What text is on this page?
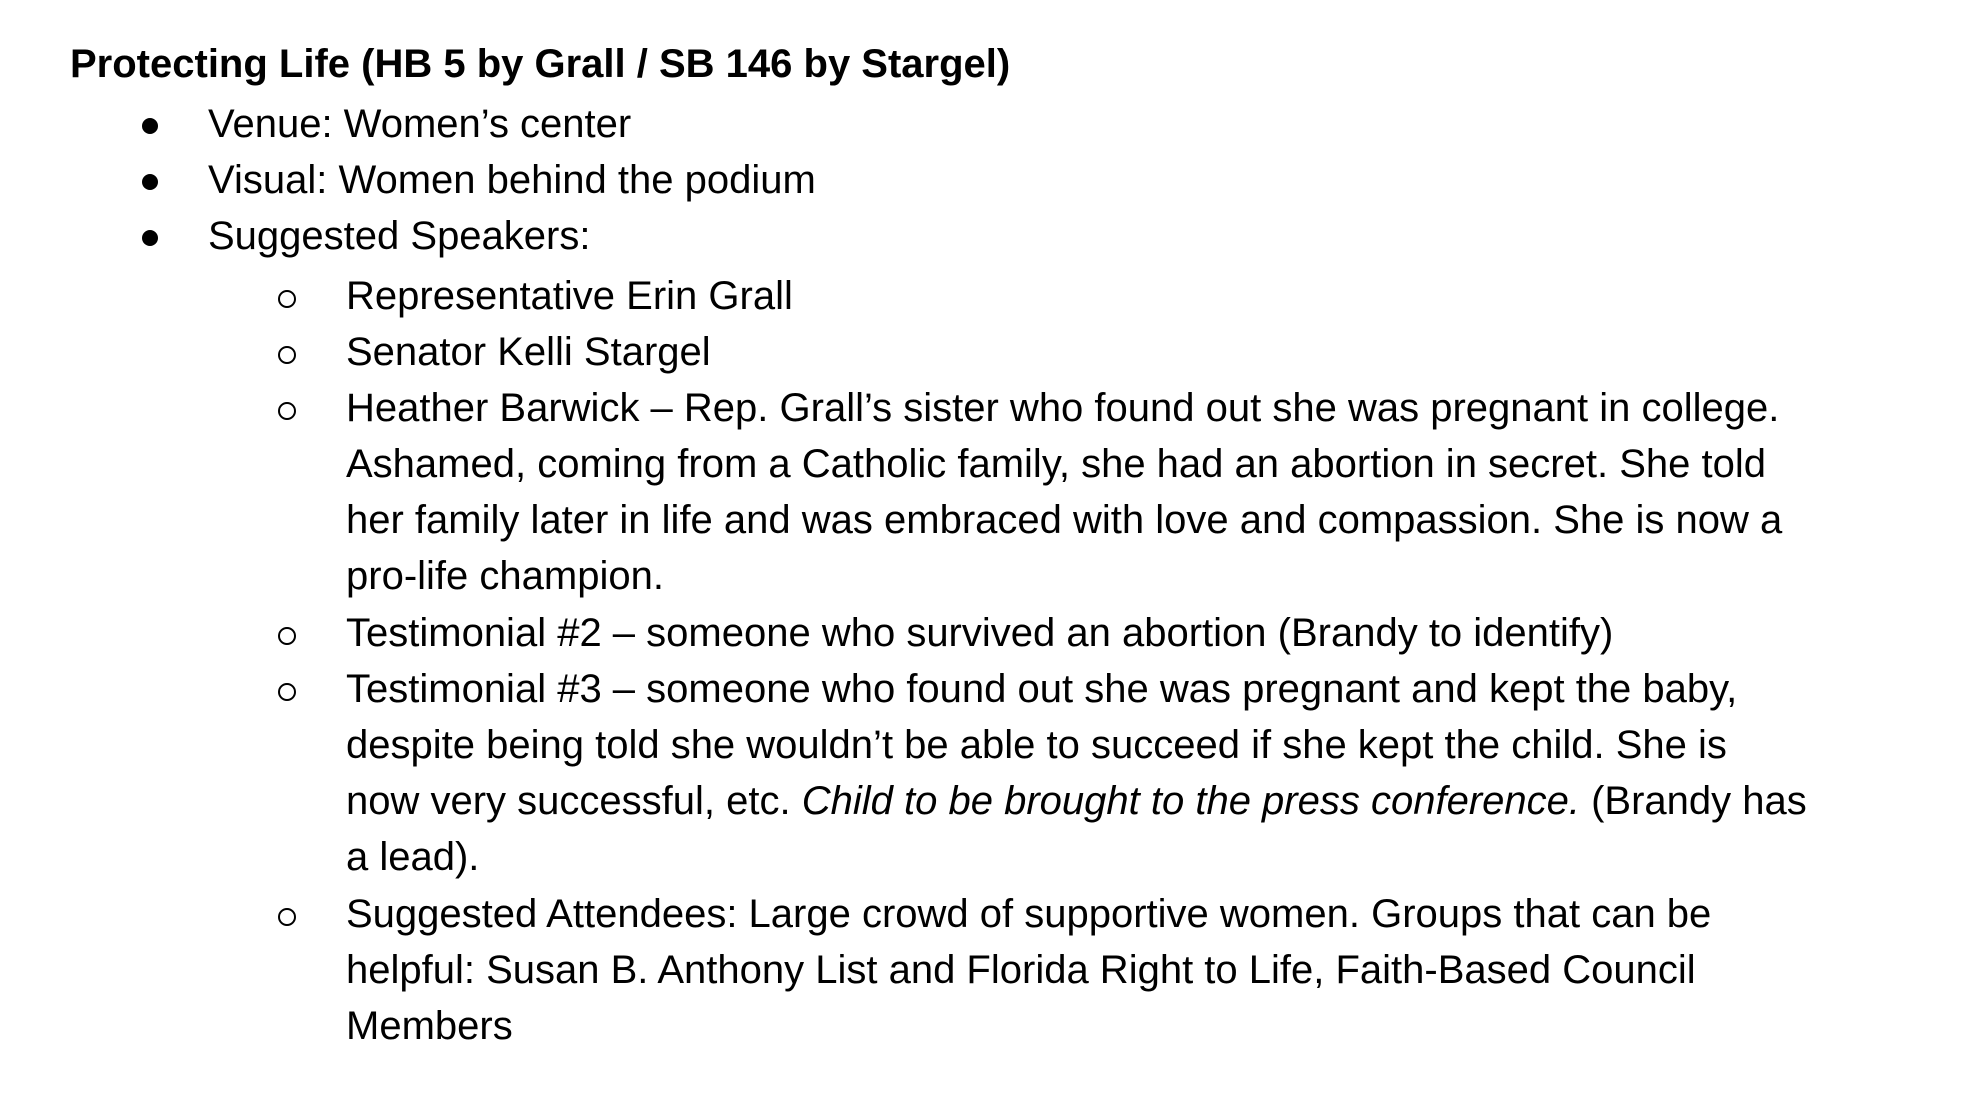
Protecting Life (HB 5 by Grall / SB 146 by Stargel)
Venue: Women’s center
Visual: Women behind the podium
Suggested Speakers:
Representative Erin Grall
Senator Kelli Stargel
Heather Barwick – Rep. Grall’s sister who found out she was pregnant in college.
Ashamed, coming from a Catholic family, she had an abortion in secret. She told
her family later in life and was embraced with love and compassion. She is now a
pro-life champion.
Testimonial #2 – someone who survived an abortion (Brandy to identify)
Testimonial #3 – someone who found out she was pregnant and kept the baby,
despite being told she wouldn’t be able to succeed if she kept the child. She is
now very successful, etc. Child to be brought to the press conference. (Brandy has
a lead).
Suggested Attendees: Large crowd of supportive women. Groups that can be
helpful: Susan B. Anthony List and Florida Right to Life, Faith-Based Council
Members
